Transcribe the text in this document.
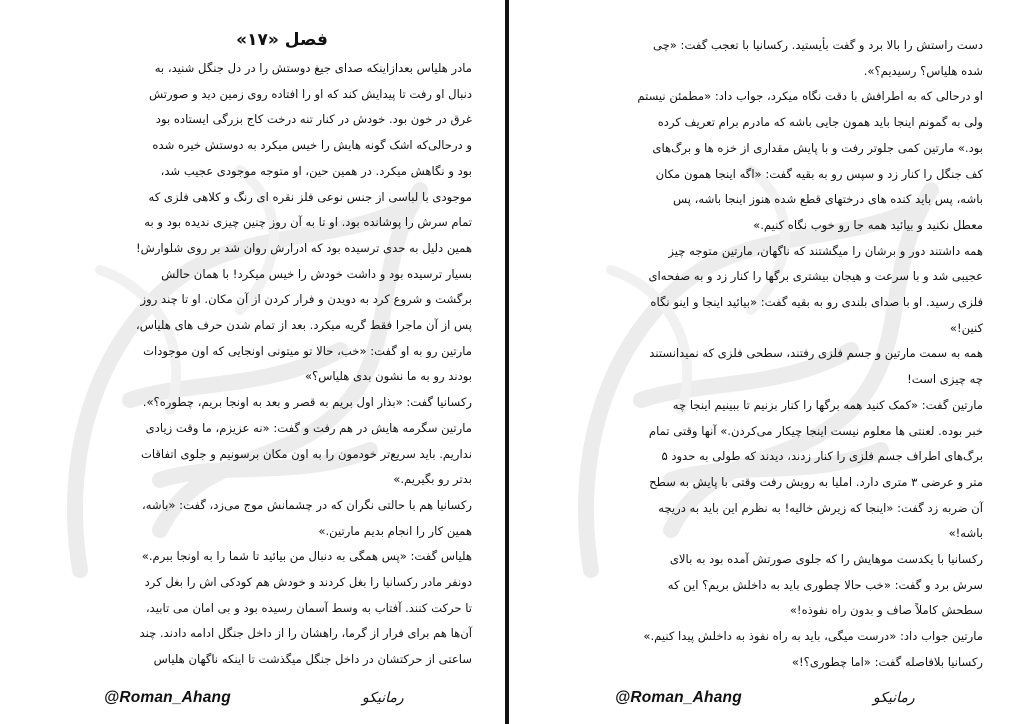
فصل «۱۷»
مادر هلیاس بعدازاینکه صدای جیغ دوستش را در دل جنگل شنید، به
دنبال او رفت تا پیدایش کند که او را افتاده روی زمین دید و صورتش
غرق در خون بود. خودش در کنار تنه درخت کاج بزرگی ایستاده بود
و درحالی‌که اشک گونه هایش را خیس میکرد به دوستش خیره شده
بود و نگاهش میکرد. در همین حین، او متوجه موجودی عجیب شد،
موجودی با لباسی از جنس نوعی فلز نقره ای رنگ و کلاهی فلزی که
تمام سرش را پوشانده بود. او تا به آن روز چنین چیزی ندیده بود و به
همین دلیل به حدی ترسیده بود که ادرارش روان شد بر روی شلوارش!
بسیار ترسیده بود و داشت خودش را خیس میکرد! با همان حالش
برگشت و شروع کرد به دویدن و فرار کردن از آن مکان. او تا چند روز
پس از آن ماجرا فقط گریه میکرد. بعد از تمام شدن حرف های هلیاس،
مارتین رو به او گفت: «خب، حالا تو میتونی اونجایی که اون موجودات
بودند رو به ما نشون بدی هلیاس؟»
رکسانیا گفت: «بذار اول بریم به قصر و بعد به اونجا بریم، چطوره؟».
مارتین سگرمه هایش در هم رفت و گفت: «نه عزیزم، ما وقت زیادی
نداریم. باید سریع‌تر خودمون را به اون مکان برسونیم و جلوی اتفاقات
بدتر رو بگیریم.»
رکسانیا هم با حالتی نگران که در چشمانش موج می‌زد، گفت: «باشه،
همین کار را انجام بدیم مارتین.»
هلیاس گفت: «پس همگی به دنبال من بیائید تا شما را به اونجا ببرم.»
دونفر مادر رکسانیا را بغل کردند و خودش هم کودکی اش را بغل کرد
تا حرکت کنند. آفتاب به وسط آسمان رسیده بود و بی امان می تابید،
آن‌ها هم برای فرار از گرما، راهشان را از داخل جنگل ادامه دادند. چند
ساعتی از حرکتشان در داخل جنگل میگذشت تا اینکه ناگهان هلیاس
@Roman_Ahang	رمانیکو
دست راستش را بالا برد و گفت بأیستید. رکسانیا با تعجب گفت: «چی
شده هلیاس؟ رسیدیم؟».
او درحالی که به اطرافش با دقت نگاه میکرد، جواب داد: «مطمئن نیستم
ولی به گمونم اینجا باید همون جایی باشه که مادرم برام تعریف کرده
بود.» مارتین کمی جلوتر رفت و با پایش مقداری از خزه ها و برگ‌های
کف جنگل را کنار زد و سپس رو به بقیه گفت: «اگه اینجا همون مکان
باشه، پس باید کنده های درختهای قطع شده هنوز اینجا باشه، پس
معطل نکنید و بیائید همه جا رو خوب نگاه کنیم.»
همه داشتند دور و برشان را میگشتند که ناگهان، مارتین متوجه چیز
عجیبی شد و با سرعت و هیجان بیشتری برگها را کنار زد و به صفحه‌ای
فلزی رسید. او با صدای بلندی رو به بقیه گفت: «بیائید اینجا و اینو نگاه
کنین!»
همه به سمت مارتین و جسم فلزی رفتند، سطحی فلزی که نمیدانستند
چه چیزی است!
مارتین گفت: «کمک کنید همه برگها را کنار بزنیم تا ببینیم اینجا چه
خبر بوده. لعنتی ها معلوم نیست اینجا چیکار می‌کردن.» آنها وقتی تمام
برگ‌های اطراف جسم فلزی را کنار زدند، دیدند که طولی به حدود ۵
متر و عرضی ۳ متری دارد. املیا به رویش رفت وقتی با پایش به سطح
آن ضربه زد گفت: «اینجا که زیرش خالیه! به نظرم این باید به دریچه
باشه!»
رکسانیا با یکدست موهایش را که جلوی صورتش آمده بود به بالای
سرش برد و گفت: «خب حالا چطوری باید به داخلش بریم؟ این که
سطحش کاملاً صاف و بدون راه نفوذه!»
مارتین جواب داد: «درست میگی، باید به راه نفوذ به داخلش پیدا کنیم.»
رکسانیا بلافاصله گفت: «اما چطوری؟!»
@Roman_Ahang	رمانیکو
